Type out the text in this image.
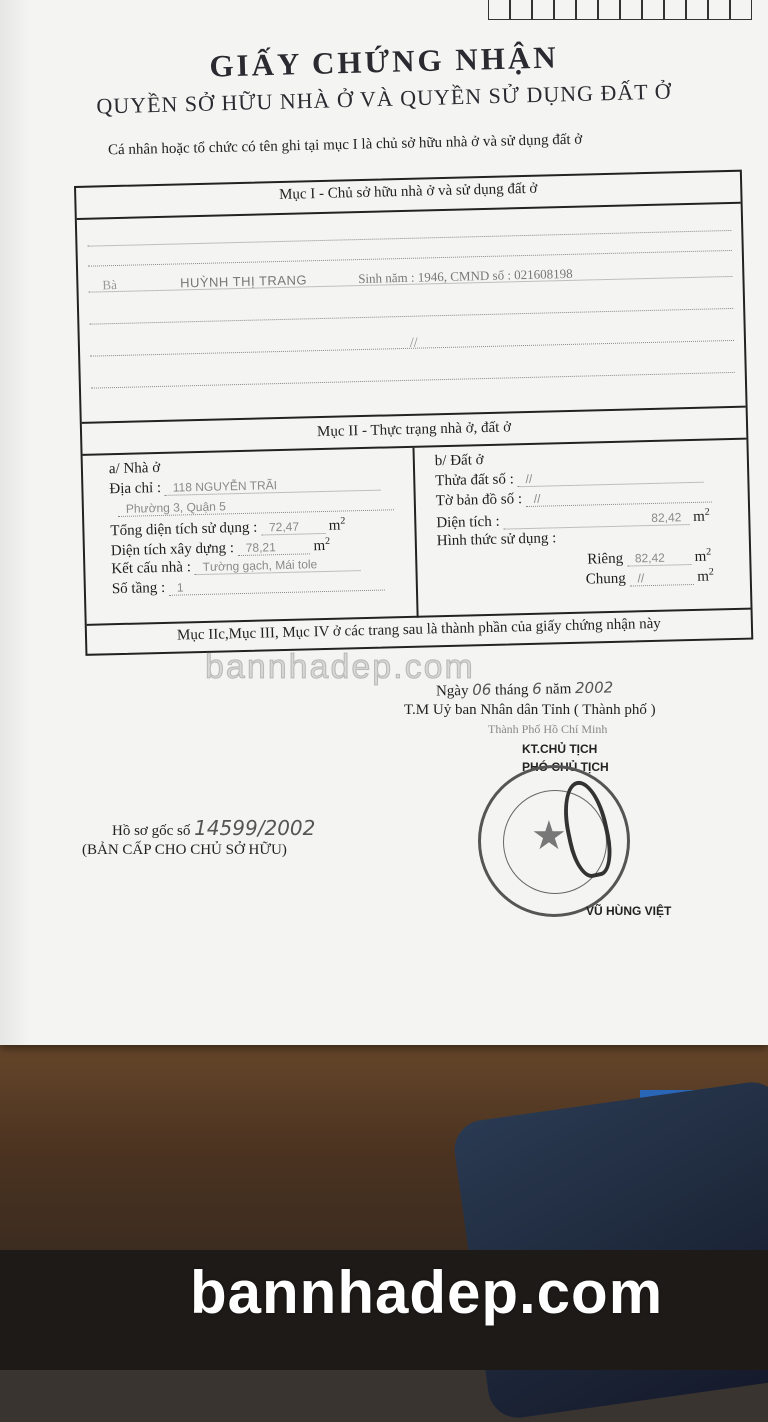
GIẤY CHỨNG NHẬN
QUYỀN SỞ HỮU NHÀ Ở VÀ QUYỀN SỬ DỤNG ĐẤT Ở
Cá nhân hoặc tổ chức có tên ghi tại mục I là chủ sở hữu nhà ở và sử dụng đất ở
Mục I - Chủ sở hữu nhà ở và sử dụng đất ở
Bà	HUỲNH THỊ TRANG	Sinh năm : 1946, CMND số : 021608198
//
Mục II - Thực trạng nhà ở, đất ở
a/ Nhà ở
Địa chỉ : 118 NGUYỄN TRÃI
Phường 3, Quận 5
Tổng diện tích sử dụng : 72,47 $m^2$
Diện tích xây dựng : 78,21 $m^2$
Kết cấu nhà : Tường gạch, Mái tole
Số tầng : 1
b/ Đất ở
Thửa đất số : //
Tờ bản đồ số : //
Diện tích :	82,42 $m^2$
Hình thức sử dụng :
Riêng 82,42 $m^2$
Chung //	$m^2$
Mục IIc,Mục III, Mục IV ở các trang sau là thành phần của giấy chứng nhận này
bannhadep.com
Ngày 06 tháng 6 năm 2002
T.M Uỷ ban Nhân dân Tỉnh ( Thành phố )
Thành Phố Hồ Chí Minh
KT.CHỦ TỊCH
PHÓ CHỦ TỊCH
★
VŨ HÙNG VIỆT
Hồ sơ gốc số 14599/2002
(BẢN CẤP CHO CHỦ SỞ HỮU)
bannhadep.com
